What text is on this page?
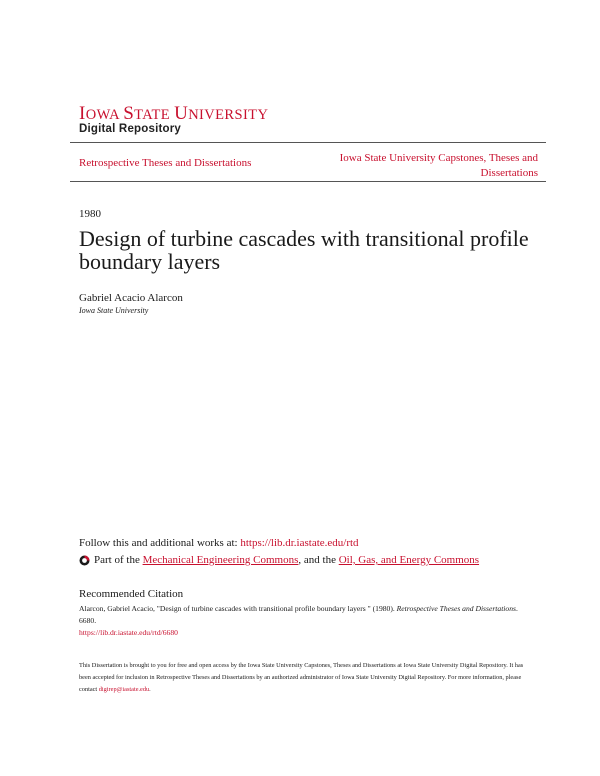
IOWA STATE UNIVERSITY
Digital Repository
Retrospective Theses and Dissertations	Iowa State University Capstones, Theses and Dissertations
1980
Design of turbine cascades with transitional profile boundary layers
Gabriel Acacio Alarcon
Iowa State University
Follow this and additional works at: https://lib.dr.iastate.edu/rtd
Part of the Mechanical Engineering Commons, and the Oil, Gas, and Energy Commons
Recommended Citation
Alarcon, Gabriel Acacio, "Design of turbine cascades with transitional profile boundary layers " (1980). Retrospective Theses and Dissertations. 6680.
https://lib.dr.iastate.edu/rtd/6680
This Dissertation is brought to you for free and open access by the Iowa State University Capstones, Theses and Dissertations at Iowa State University Digital Repository. It has been accepted for inclusion in Retrospective Theses and Dissertations by an authorized administrator of Iowa State University Digital Repository. For more information, please contact digirep@iastate.edu.
